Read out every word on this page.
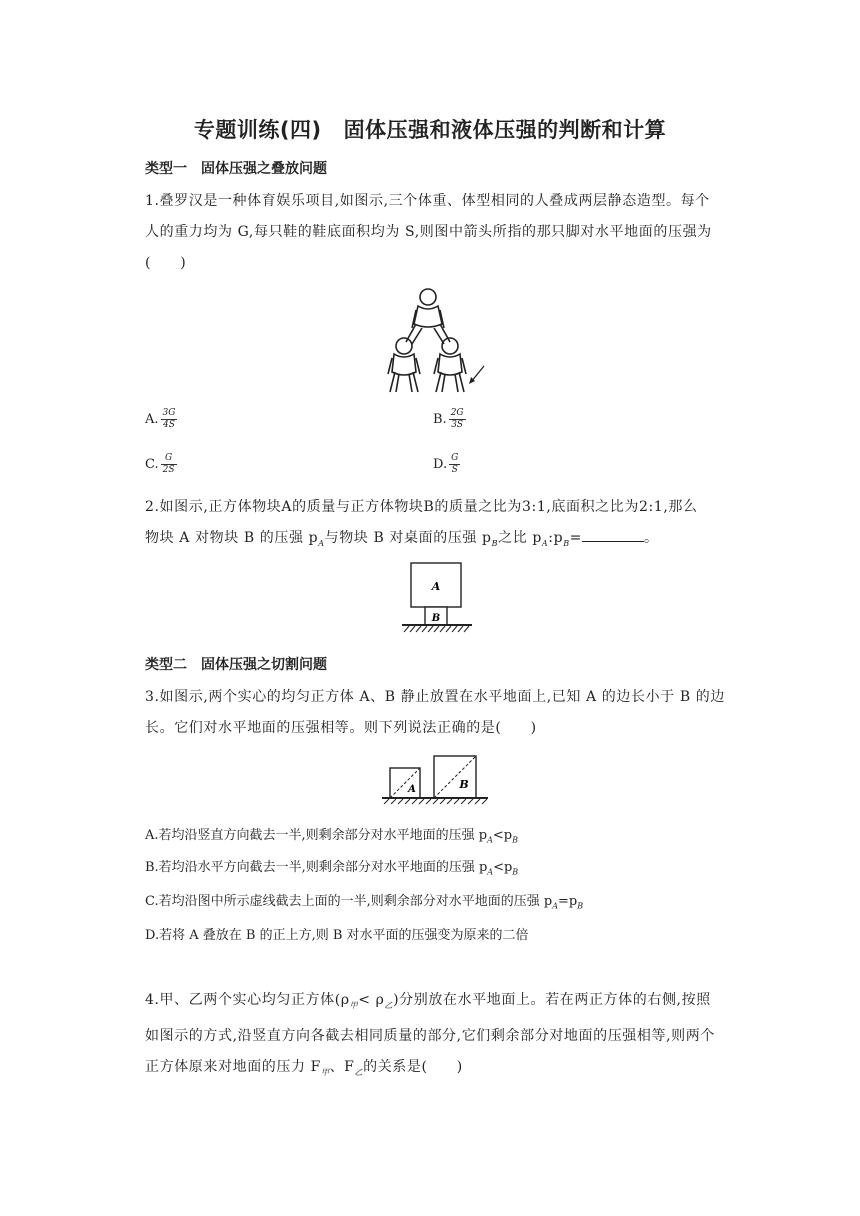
专题训练(四) 固体压强和液体压强的判断和计算
类型一 固体压强之叠放问题
1.叠罗汉是一种体育娱乐项目,如图示,三个体重、体型相同的人叠成两层静态造型。每个
人的重力均为 G,每只鞋的鞋底面积均为 S,则图中箭头所指的那只脚对水平地面的压强为
(　　)
A. $\frac{3G}{4S}$	B. $\frac{2G}{3S}$
C. $\frac{G}{2S}$	D. $\frac{G}{S}$
2.如图示,正方体物块A的质量与正方体物块B的质量之比为3:1,底面积之比为2:1,那么
物块 A 对物块 B 的压强 $p_A$与物块 B 对桌面的压强 $p_B$之比 $p_A:p_B=$	。
A
B
类型二 固体压强之切割问题
3.如图示,两个实心的均匀正方体 A、B 静止放置在水平地面上,已知 A 的边长小于 B 的边
长。它们对水平地面的压强相等。则下列说法正确的是(　　)
A	B
A.若均沿竖直方向截去一半,则剩余部分对水平地面的压强 $p_A<p_B$
B.若均沿水平方向截去一半,则剩余部分对水平地面的压强 $p_A<p_B$
C.若均沿图中所示虚线截去上面的一半,则剩余部分对水平地面的压强 $p_A=p_B$
D.若将 A 叠放在 B 的正上方,则 B 对水平面的压强变为原来的二倍
4.甲、乙两个实心均匀正方体$(\rho_甲< \rho_乙)$分别放在水平地面上。若在两正方体的右侧,按照
如图示的方式,沿竖直方向各截去相同质量的部分,它们剩余部分对地面的压强相等,则两个
正方体原来对地面的压力 $F_甲$、$F_乙$的关系是(　　)
